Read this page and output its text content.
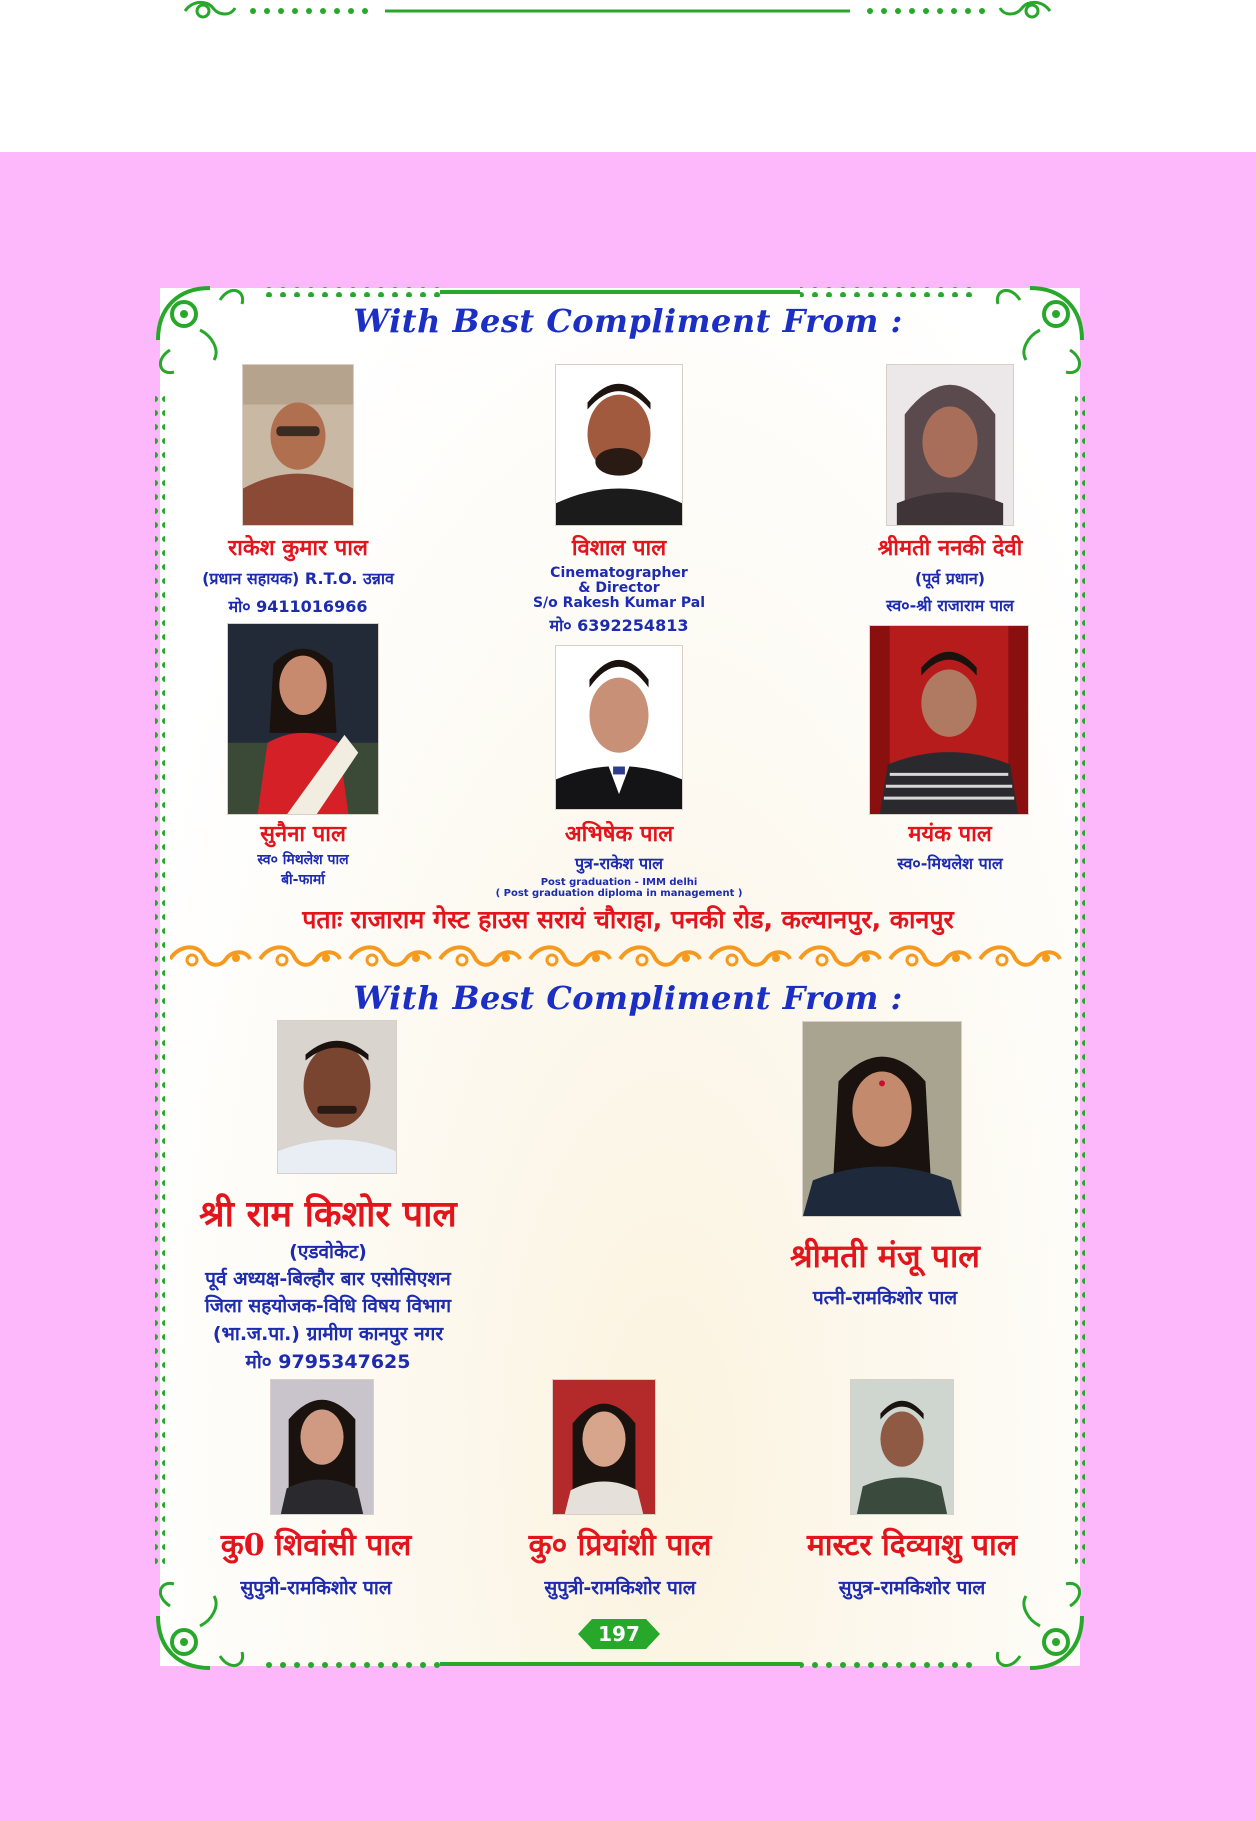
With Best Compliment From :
राकेश कुमार पाल
(प्रधान सहायक) R.T.O. उन्नाव
मो० 9411016966
विशाल पाल
Cinematographer
& Director
S/o Rakesh Kumar Pal
मो० 6392254813
श्रीमती ननकी देवी
(पूर्व प्रधान)
स्व०-श्री राजाराम पाल
सुनैना पाल
स्व० मिथलेश पाल
बी-फार्मा
अभिषेक पाल
पुत्र-राकेश पाल
Post graduation - IMM delhi
( Post graduation diploma in management )
मयंक पाल
स्व०-मिथलेश पाल
पताः राजाराम गेस्ट हाउस सरायं चौराहा, पनकी रोड, कल्यानपुर, कानपुर
With Best Compliment From :
श्री राम किशोर पाल
(एडवोकेट)
पूर्व अध्यक्ष-बिल्हौर बार एसोसिएशन
जिला सहयोजक-विधि विषय विभाग
(भा.ज.पा.) ग्रामीण कानपुर नगर
मो० 9795347625
श्रीमती मंजू पाल
पत्नी-रामकिशोर पाल
कु0 शिवांसी पाल
सुपुत्री-रामकिशोर पाल
कु० प्रियांशी पाल
सुपुत्री-रामकिशोर पाल
मास्टर दिव्याशु पाल
सुपुत्र-रामकिशोर पाल
197
